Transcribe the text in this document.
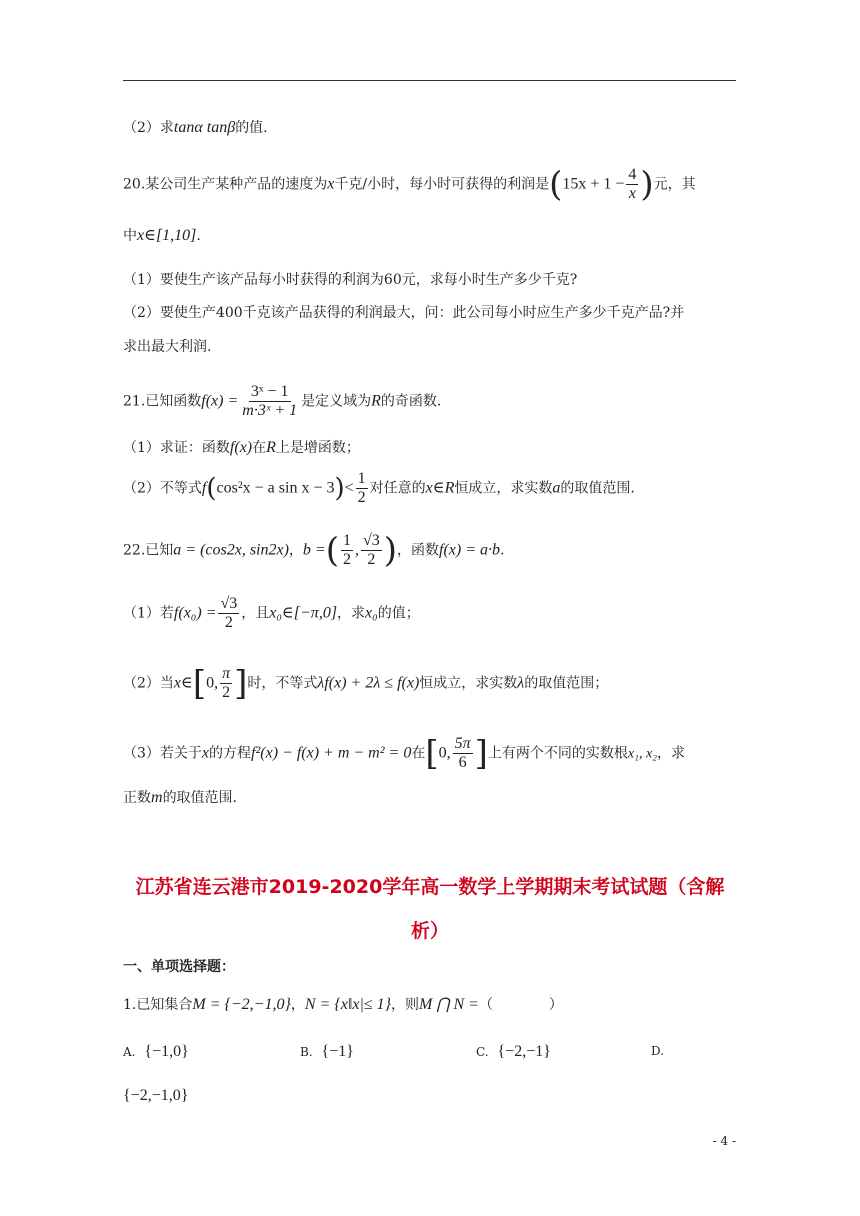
（2）求tanα tanβ的值.
20.某公司生产某种产品的速度为x千克/小时，每小时可获得的利润是($15x + 1 - \frac{4}{x}$ )元，其
中x∈[1,10].
（1）要使生产该产品每小时获得的利润为60元，求每小时生产多少千克?
（2）要使生产400千克该产品获得的利润最大，问：此公司每小时应生产多少千克产品?并
求出最大利润.
21.已知函数$f(x) = \frac{\text{3ˣ − 1}}{\text{m·3ˣ + 1}}$ 是定义域为R的奇函数.
（1）求证：函数f(x)在R上是增函数；
（2）不等式f(cos²x − a $\sin x - 3)< \frac{1}{2}$ 对任意的x∈R恒成立，求实数a的取值范围.
22.已知a = (cos2x, sin2x)，b =( $\frac{1}{2}$ , $\frac{√3}{2}$ )，函数f(x) = a·b.
（1）若$f(x_0) = \frac{√3}{2}$ ，且x₀∈[−π,0]，求x₀的值；
（2）当x∈[0, $\frac{\pi}{2}$ ]时，不等式λf(x) + 2λ ≤ f(x)恒成立，求实数λ的取值范围；
（3）若关于x的方程f²(x) − f(x) + m − m² = 0在[0, $\frac{5\pi}{6}$ ]上有两个不同的实数根x₁, x₂，求
正数m的取值范围.
江苏省连云港市2019-2020学年高一数学上学期期末考试试题（含解
析）
一、单项选择题：
1.已知集合M = {−2,−1,0}，N = {x‖x|≤ 1}，则M ⋂ N =（　　　　）
A. {−1,0}	B. {−1}	C. {−2,−1}	D.
{−2,−1,0}
- 4 -
